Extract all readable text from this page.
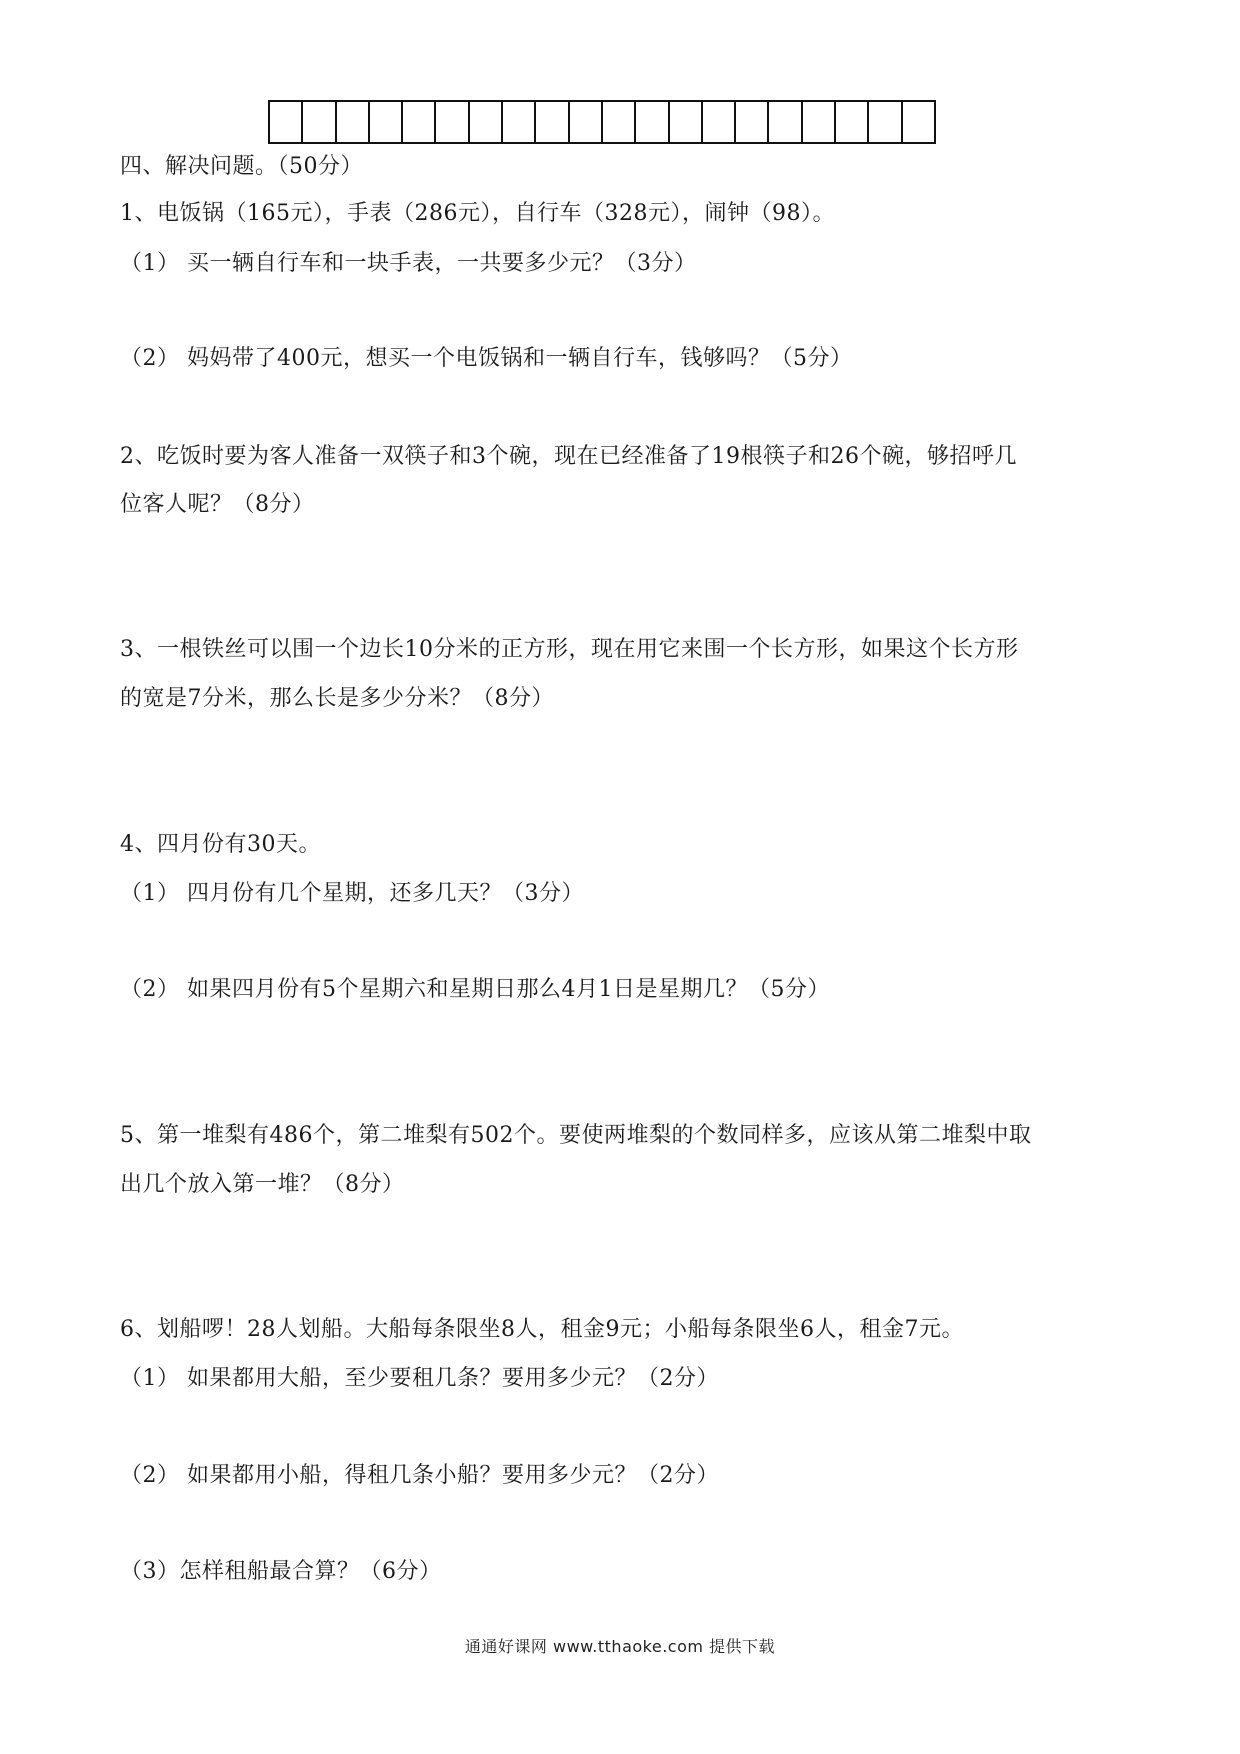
四、解决问题。（50分）
1、电饭锅（165元），手表（286元），自行车（328元），闹钟（98）。
（1） 买一辆自行车和一块手表，一共要多少元？（3分）
（2） 妈妈带了400元，想买一个电饭锅和一辆自行车，钱够吗？（5分）
2、吃饭时要为客人准备一双筷子和3个碗，现在已经准备了19根筷子和26个碗，够招呼几
位客人呢？（8分）
3、一根铁丝可以围一个边长10分米的正方形，现在用它来围一个长方形，如果这个长方形
的宽是7分米，那么长是多少分米？（8分）
4、四月份有30天。
（1） 四月份有几个星期，还多几天？（3分）
（2） 如果四月份有5个星期六和星期日那么4月1日是星期几？（5分）
5、第一堆梨有486个，第二堆梨有502个。要使两堆梨的个数同样多，应该从第二堆梨中取
出几个放入第一堆？（8分）
6、划船啰！28人划船。大船每条限坐8人，租金9元；小船每条限坐6人，租金7元。
（1） 如果都用大船，至少要租几条？要用多少元？（2分）
（2） 如果都用小船，得租几条小船？要用多少元？（2分）
（3）怎样租船最合算？（6分）
通通好课网 www.tthaoke.com 提供下载
